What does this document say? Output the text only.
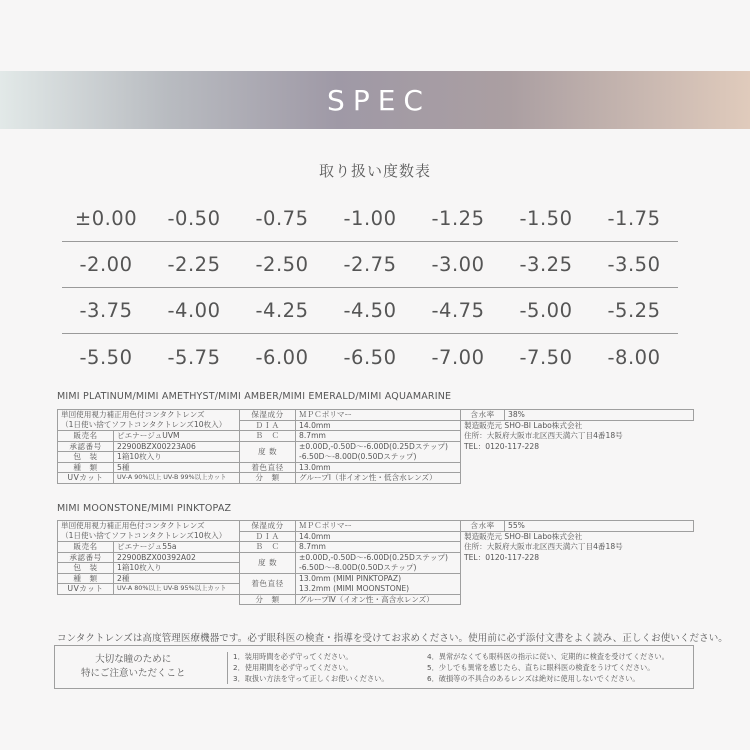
SPEC
取り扱い度数表
±0.00	-0.50	-0.75	-1.00	-1.25	-1.50	-1.75
-2.00	-2.25	-2.50	-2.75	-3.00	-3.25	-3.50
-3.75	-4.00	-4.25	-4.50	-4.75	-5.00	-5.25
-5.50	-5.75	-6.00	-6.50	-7.00	-7.50	-8.00
MIMI PLATINUM/MIMI AMETHYST/MIMI AMBER/MIMI EMERALD/MIMI AQUAMARINE
単回使用視力補正用色付コンタクトレンズ		保湿成分	ＭＰＣポリマー	含水率	38%
（1日使い捨てソフトコンタクトレンズ10枚入）		ＤＩＡ	14.0mm	製造販売元 SHO-BI Labo株式会社	
販売名	ピエナージュUVM	Ｂ　Ｃ	8.7mm	住所：大阪府大阪市北区西天満六丁目4番18号	
承認番号	22900BZX00223A06	度 数	±0.00D,-0.50D〜-6.00D(0.25Dステップ)	TEL：0120-117-228	
包　装	1箱10枚入り		-6.50D〜-8.00D(0.50Dステップ)		
種　類	5種	着色直径	13.0mm		
UVカット	UV-A 90%以上 UV-B 99%以上カット	分　類	グループⅠ（非イオン性・低含水レンズ）		
MIMI MOONSTONE/MIMI PINKTOPAZ
単回使用視力補正用色付コンタクトレンズ		保湿成分	ＭＰＣポリマー	含水率	55%
（1日使い捨てソフトコンタクトレンズ10枚入）		ＤＩＡ	14.0mm	製造販売元 SHO-BI Labo株式会社	
販売名	ピエナージュ55a	Ｂ　Ｃ	8.7mm	住所：大阪府大阪市北区西天満六丁目4番18号	
承認番号	22900BZX00392A02	度 数	±0.00D,-0.50D〜-6.00D(0.25Dステップ)	TEL：0120-117-228	
包　装	1箱10枚入り		-6.50D〜-8.00D(0.50Dステップ)		
種　類	2種	着色直径	13.0mm (MIMI PINKTOPAZ)		
UVカット	UV-A 80%以上 UV-B 95%以上カット		13.2mm (MIMI MOONSTONE)		
		分　類	グループⅣ（イオン性・高含水レンズ）		
コンタクトレンズは高度管理医療機器です。必ず眼科医の検査・指導を受けてお求めください。使用前に必ず添付文書をよく読み、正しくお使いください。
大切な瞳のために
特にご注意いただくこと
1．装用時間を必ず守ってください。
2．使用期間を必ず守ってください。
3．取扱い方法を守って正しくお使いください。
4．異常がなくても眼科医の指示に従い、定期的に検査を受けてください。
5．少しでも異常を感じたら、直ちに眼科医の検査をうけてください。
6．破損等の不具合のあるレンズは絶対に使用しないでください。
